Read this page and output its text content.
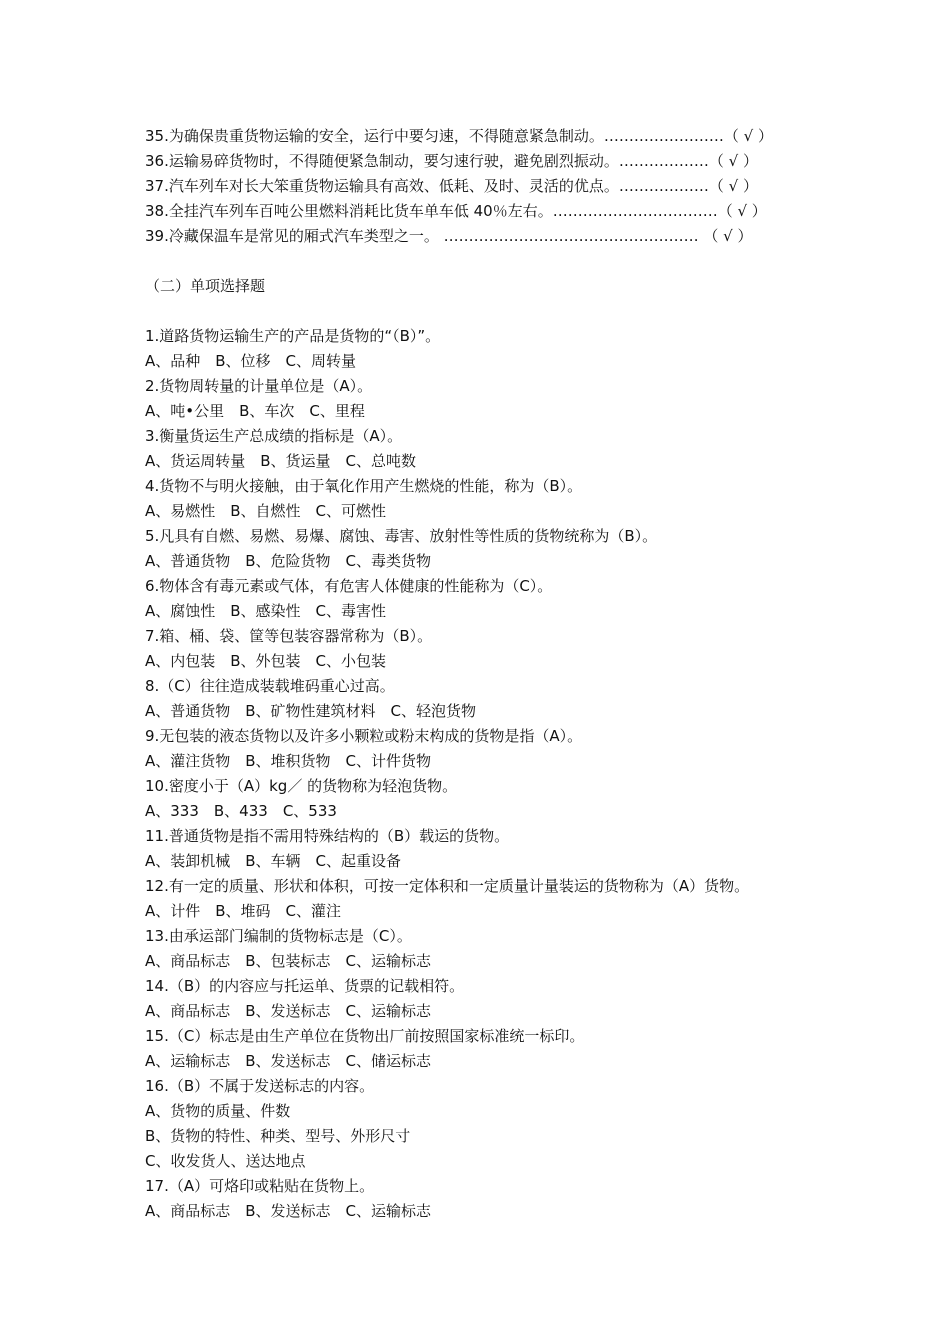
35.为确保贵重货物运输的安全，运行中要匀速，不得随意紧急制动。……………………（ √ ）
36.运输易碎货物时，不得随便紧急制动，要匀速行驶，避免剧烈振动。………………（ √ ）
37.汽车列车对长大笨重货物运输具有高效、低耗、及时、灵活的优点。………………（ √ ）
38.全挂汽车列车百吨公里燃料消耗比货车单车低 40％左右。……………………………（ √ ）
39.冷藏保温车是常见的厢式汽车类型之一。 …………………………………………… （ √ ）
（二）单项选择题
1.道路货物运输生产的产品是货物的“（B）”。
A、品种　B、位移　C、周转量
2.货物周转量的计量单位是（A）。
A、吨•公里　B、车次　C、里程
3.衡量货运生产总成绩的指标是（A）。
A、货运周转量　B、货运量　C、总吨数
4.货物不与明火接触，由于氧化作用产生燃烧的性能，称为（B）。
A、易燃性　B、自燃性　C、可燃性
5.凡具有自燃、易燃、易爆、腐蚀、毒害、放射性等性质的货物统称为（B）。
A、普通货物　B、危险货物　C、毒类货物
6.物体含有毒元素或气体，有危害人体健康的性能称为（C）。
A、腐蚀性　B、感染性　C、毒害性
7.箱、桶、袋、筐等包装容器常称为（B）。
A、内包装　B、外包装　C、小包装
8.（C）往往造成装载堆码重心过高。
A、普通货物　B、矿物性建筑材料　C、轻泡货物
9.无包装的液态货物以及许多小颗粒或粉末构成的货物是指（A）。
A、灌注货物　B、堆积货物　C、计件货物
10.密度小于（A）kg／ 的货物称为轻泡货物。
A、333　B、433　C、533
11.普通货物是指不需用特殊结构的（B）载运的货物。
A、装卸机械　B、车辆　C、起重设备
12.有一定的质量、形状和体积，可按一定体积和一定质量计量装运的货物称为（A）货物。
A、计件　B、堆码　C、灌注
13.由承运部门编制的货物标志是（C）。
A、商品标志　B、包装标志　C、运输标志
14.（B）的内容应与托运单、货票的记载相符。
A、商品标志　B、发送标志　C、运输标志
15.（C）标志是由生产单位在货物出厂前按照国家标准统一标印。
A、运输标志　B、发送标志　C、储运标志
16.（B）不属于发送标志的内容。
A、货物的质量、件数
B、货物的特性、种类、型号、外形尺寸
C、收发货人、送达地点
17.（A）可烙印或粘贴在货物上。
A、商品标志　B、发送标志　C、运输标志
